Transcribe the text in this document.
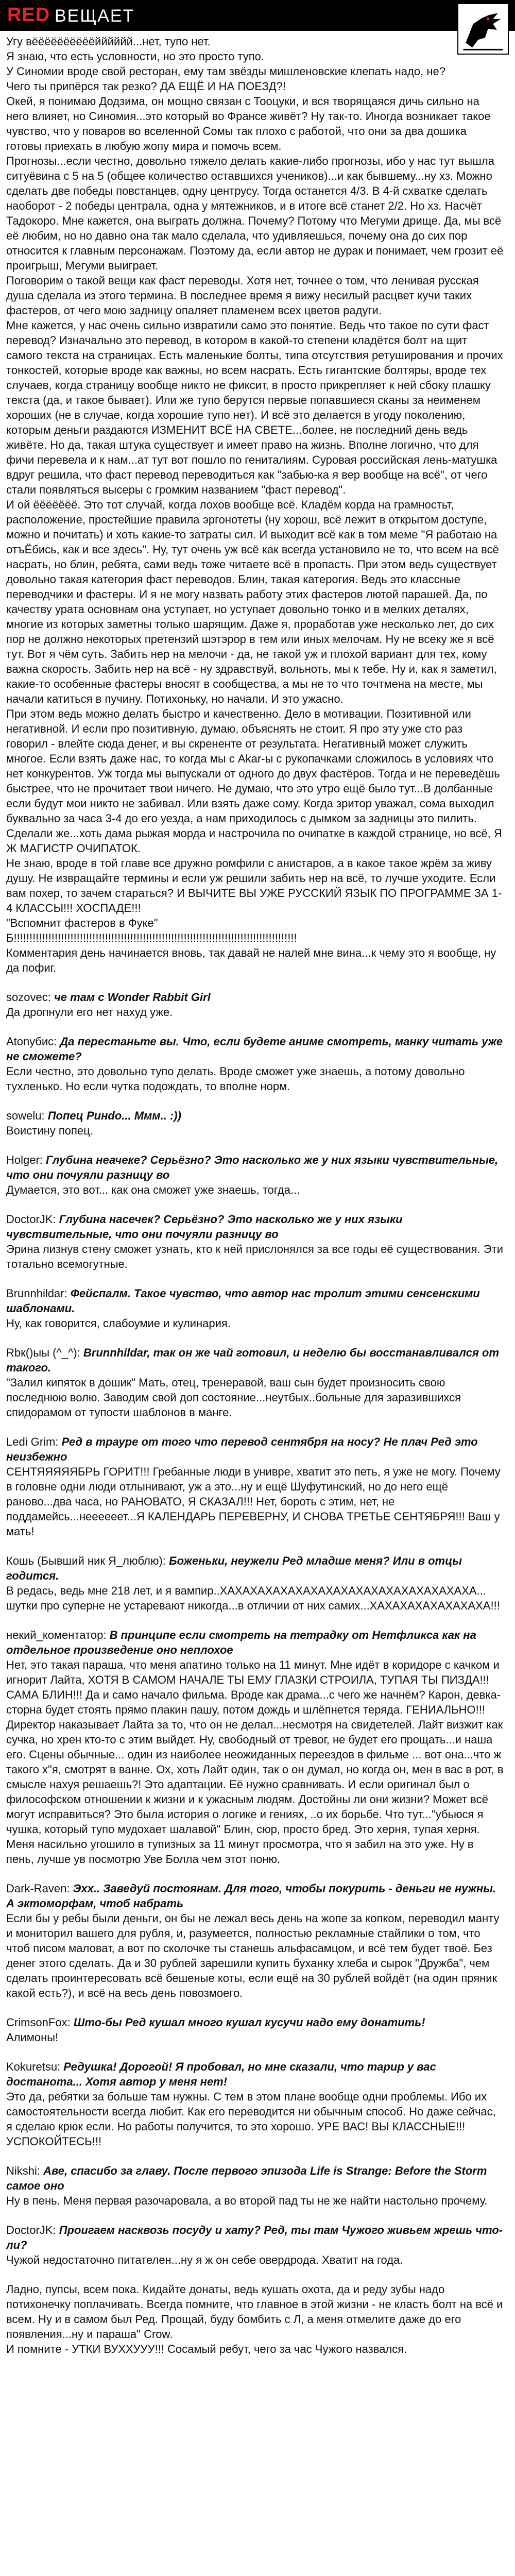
RED ВЕЩАЕТ

Угу вёёёёёёёёёёйййййй...нет, тупо нет.

Я знаю, что есть условности, но это просто тупо.

У Синомии вроде свой ресторан, ему там звёзды мишленовские клепать надо, не?

Чего ты припёрся так резко? ДА ЕЩЁ И НА ПОЕЗД?!

Окей, я понимаю Додзима, он мощно связан с Тоoцуки, и вся творящаяся дичь сильно на него влияет, но Синомия...это который во Франсе живёт? Ну так-то. Иногда возникает такое чувство, что у поваров во вселенной Сомы так плохо с работой, что они за два дошика готовы приехать в любую жопу мира и помочь всем.

Прогнозы...если честно, довольно тяжело делать какие-либо прогнозы, ибо у нас тут вышла ситуёвина с 5 на 5 (общее количество оставшихся учеников)...и как бывшему...ну хз. Можно сделать две победы повстанцев, одну центрусу. Тогда останется 4/3. В 4-й схватке сделать наоборот - 2 победы централа, одна у мятежников, и в итоге всё станет 2/2. Но хз. Насчёт Тадокоро. Мне кажется, она выграть должна. Почему? Потому что Мегуми дрище. Да, мы всё её любим, но но давно она так мало сделала, что удивляешься, почему она до сих пор относится к главным персонажам. Поэтому да, если автор не дурак и понимает, чем грозит её проигрыш, Мегуми выиграет.

Поговорим о такой вещи как фаст переводы. Хотя нет, точнее о том, что ленивая русская душа сделала из этого термина. В последнее время я вижу несилый расцвет кучи таких фастеров, от чего мою задницу опаляет пламенем всех цветов радуги.

Мне кажется, у нас очень сильно извратили само это понятие. Ведь что такое по сути фаст перевод? Изначально это перевод, в котором в какой-то степени кладётся болт на щит самого текста на страницах. Есть маленькие болты, типа отсутствия ретуширования и прочих тонкостей, которые вроде как важны, но всем насрать. Есть гигантские болтяры, вроде тех случаев, когда страницу вообще никто не фиксит, в просто прикрепляет к ней сбоку плашку текста (да, и такое бывает). Или же тупо берутся первые попавшиеся сканы за неименем хороших (не в случае, когда хорошие тупо нет). И всё это делается в угоду поколению, которым деньги раздаются ИЗМЕНИТ ВСЁ НА СВЕТЕ...более, не последний день ведь живёте. Но да, такая штука существует и имеет право на жизнь. Вполне логично, что для фичи перевела и к нам...ат тут вот пошло по гениталиям. Суровая российская лень-матушка вдруг решила, что фаст перевод переводиться как "забью-ка я вер вообще на всё", от чего стали появляться высеры с громким названием "фаст перевод".

И ой ёёёёёёё. Это тот случай, когда лохов вообще всё. Кладём корда на грамностьт, расположение, простейшие правила эргонотеты (ну хорош, всё лежит в открытом доступе, можно и почитать) и хоть какие-то затраты сил. И выходит всё как в том меме "Я работаю на отъЁбись, как и все здесь". Ну, тут очень уж всё как всегда установило не то, что всем на всё насрать, но блин, ребята, сами ведь тоже читаете всё в пропасть. При этом ведь существует довольно такая категория фаст переводов. Блин, такая катерогия. Ведь это классные переводчики и фастеры. И я не могу назвать работу этих фастеров лютой парашей. Да, по качеству урата основнам она уступает, но уступает довольно тонко и в мелких деталях, многие из которых заметны только шарящим. Даже я, проработав уже несколько лет, до сих пор не должно некоторых претензий шэтэрор в тем или иных мелочам. Ну не всеку же я всё тут. Вот я чём суть. Забить нер на мелочи - да, не такой уж и плохой вариант для тех, кому важна скорость. Забить нер на всё - ну здравствуй, вольноть, мы к тебе. Ну и, как я заметил, какие-то особенные фастеры вносят в сообщества, а мы не то что точтмена на месте, мы начали катиться в пучину. Потихоньку, но начали. И это ужасно.

При этом ведь можно делать быстро и качественно. Дело в мотивации. Позитивной или негативной. И если про позитивную, думаю, объяснять не стоит. Я про эту уже сто раз говорил - влейте сюда денег, и вы скрененте от результата. Негативный может служить многое. Если взять даже нас, то когда мы с Akar-ы с рукопачками сложилось в условиях что нет конкурентов. Уж тогда мы выпускали от одного до двух фастёров. Тогда и не переведёшь быстрее, что не прочитает твои ничего. Не думаю, что это утро ещё было тут...В долбанные если будут мои никто не забивал. Или взять даже сому. Когда зритор уважал, сома выходил буквально за часа 3-4 до его уезда, а нам приходилось с дымком за задницы это пилить. Сделали же...хоть дама рыжая морда и настрочила по очипатке в каждой странице, но всё, Я Ж МАГИСТР ОЧИПАТОК.

Не знаю, вроде в той главе все дружно ромфили с анистаров, а в какое такое жрём за живу душу. Не извращайте термины и если уж решили забить нер на всё, то лучше уходите. Если вам похер, то зачем стараться? И ВЫЧИТЕ ВЫ УЖЕ РУССКИЙ ЯЗЫК ПО ПРОГРАММЕ ЗА 1-4 КЛАССЫ!!! ХОСПАДЕ!!!

"Вспомнит фастеров в Фуке"

Б!!!!!!!!!!!!!!!!!!!!!!!!!!!!!!!!!!!!!!!!!!!!!!!!!!!!!!!!!!!!!!!!!!!!!!!!!!!!!!!!!!!!!!!!!!

Комментария день начинается вновь, так давай не налей мне вина...к чему это я вообще, ну да пофиг.

sozovec: че там с Wonder Rabbit Girl

Да дропнули его нет нахуд уже.

Atonyбис: Да перестаньте вы. Что, если будете аниме смотреть, манку читать уже не сможете?

Если честно, это довольно тупо делать. Вроде сможет уже знаешь, а потому довольно тухленько. Но если чутка подождать, то вполне норм.

sowelu: Попец Ринdo... Ммм.. :))

Воистину попец.

Holger: Глубина неачеке? Серьёзно? Это насколько же у них языки чувствительные, что они почуяли разницу во

Думается, это вот... как она сможет уже знаешь, тогда...

DoctorJK: Глубина насечек? Серьёзно? Это насколько же у них языки чувствительные, что они почуяли разницу во

Эрина лизнув стену сможет узнать, кто к ней прислонялся за все годы её существования. Эти тотально всемогутные.

Brunnhildar: Фейспалм. Такое чувство, что автор наc тролит этими сенсенскими шаблонами.

Ну, как говорится, слабоумие и кулинария.

Rbк()ыы (^_^): Brunnhildar, так он же чай готовил, и неделю бы восстанавливался от такого.

"Залил кипяток в дошик" Мать, отец, тренеравой, ваш сын будет произносить свою последнюю волю. Заводим свой доп состояние...неутбых..больные для заразившихся спидорамом от тупости шаблонов в манге.

Ledi Grim: Ред в трауре от того что перевод сентября на носу? Не плач Ред это неизбежно

СЕНТЯЯЯЯЯБРЬ ГОРИТ!!! Гребанные люди в унивре, хватит это петь, я уже не могу. Почему в головне одни люди отлынивают, уж а это...ну и ещё Шуфутинский, но до него ещё раново...два часа, но РАНОВАТО, Я СКАЗАЛ!!! Нет, бороть с этим, нет, не поддамейсь...неееееет...Я КАЛЕНДАРЬ ПЕРЕВЕРНУ, И СНОВА ТРЕТЬЕ СЕНТЯБРЯ!!! Ваш у мать!

Кошь (Бывший ник Я_люблю): Боженьки, неужели Ред младше меня? Или в отцы годится.

В редась, ведь мне 218 лет, и я вампир..ХАХАХАХАХАХАХАХАХАХАХАХАХАХАХАХАХА... шутки про суперне не устаревают никогда...в отличии от них самих...ХАХАХАХАХАХАХАХА!!!

некий_коментатор: В принципе если смотреть на тетрадку от Нетфликса как на отдельное произведение оно неплохое

Нет, это такая параша, что меня апатино только на 11 минут. Мне идёт в коридоре с качком и игнорит Лайта, ХОТЯ В САМОМ НАЧАЛЕ ТЫ ЕМУ ГЛАЗКИ СТРОИЛА, ТУПАЯ ТЫ ПИЗДА!!! САМА БЛИН!!! Да и само начало фильма. Вроде как драма...с чего же начнём? Карон, девка-сторна будет стоять прямо плакин пашу, потом дождь и шлёпнется теряда. ГЕНИАЛЬНО!!! Директор наказывает Лайта за то, что он не делал...несмотря на свидетелей. Лайт визжит как сучка, но хрен кто-то с этим выйдет. Ну, свободный от тревог, не будет его прощать...и наша его. Сцены обычные... один из наиболее неожиданных переездов в фильме ... вот она...что ж такого х"я, смотрят в ванне. Ох, хоть Лайт один, так о он думал, но когда он, мен в вас в рот, в смысле нахуя решаешь?! Это адаптации. Её нужно сравнивать. И если оригинал был о философском отношении к жизни и к ужасным людям. Достойны ли они жизни? Может всё могут исправиться? Это была история о логике и гениях, ..о их борьбе. Что тут..."убьюся я чушка, который тупо мудохает шалавой" Блин, сюр, просто бред. Это херня, тупая херня. Меня насильно угошило в тупизных за 11 минут просмотра, что я забил на это уже. Ну в пень, лучше ув посмотрю Уве Болла чем этот поню.

Dark-Raven: Эхх.. Заведуй постоянам. Для того, чтобы покурить - деньги не нужны. А эктоморфам, чтоб набрать

Если бы у ребы были деньги, он бы не лежал весь день на жопе за копком, переводил манту и мониторил вашего для рубля, и, разумеется, полностью рекламные стайлики о том, что чтоб писом маловат, а вот по сколочке ты станешь альфасамцом, и всё тем будет твоё. Без денег этого сделать. Да и 30 рублей зарешили купить буханку хлеба и сырок "Дружба", чем сделать проинтересовать всё бешеные коты, если ещё на 30 рублей войдёт (на один пряник какой есть?), и всё на весь день повозмоего.

CrimsonFox: Што-бы Ред кушал много кушал кусучи надо ему донатить!

Алимоны!

Kokuretsu: Редушка! Дорогой! Я пробовал, но мне сказали, что тарир у вас достанота... Хотя автор у меня нет!

Это да, ребятки за больше там нужны. С тем в этом плане вообще одни проблемы. Ибо их самостоятельности всегда любит. Как его переводится ни обычным способ. Но даже сейчас, я сделаю крюк если. Но работы получится, то это хорошо. УРЕ ВАС! ВЫ КЛАССНЫЕ!!! УСПОКОЙТЕСЬ!!!

Nikshi: Аве, спасибо за главу. После первого эпизода Life is Strange: Before the Storm самое оно

Ну в пень. Меня первая разочаровала, а во второй пад ты не же найти настольно прочему.

DoctorJK: Проигаем насквозь посуду и хату? Ред, ты там Чужого живьем жрешь что-ли?

Чужой недостаточно питателен...ну я ж он себе овердрода. Хватит на года.

Ладно, пупсы, всем пока. Кидайте донаты, ведь кушать охота, да и реду зубы надо потихонечку поплачивать. Всегда помните, что главное в этой жизни - не класть болт на всё и всем. Ну и в самом был Ред. Прощай, буду бомбить с Л, а меня отмелите даже до его появления...ну и параша" Crow.
И помните - УТКИ ВУХХУУУ!!! Сосамый ребут, чего за час Чужого назвался.
